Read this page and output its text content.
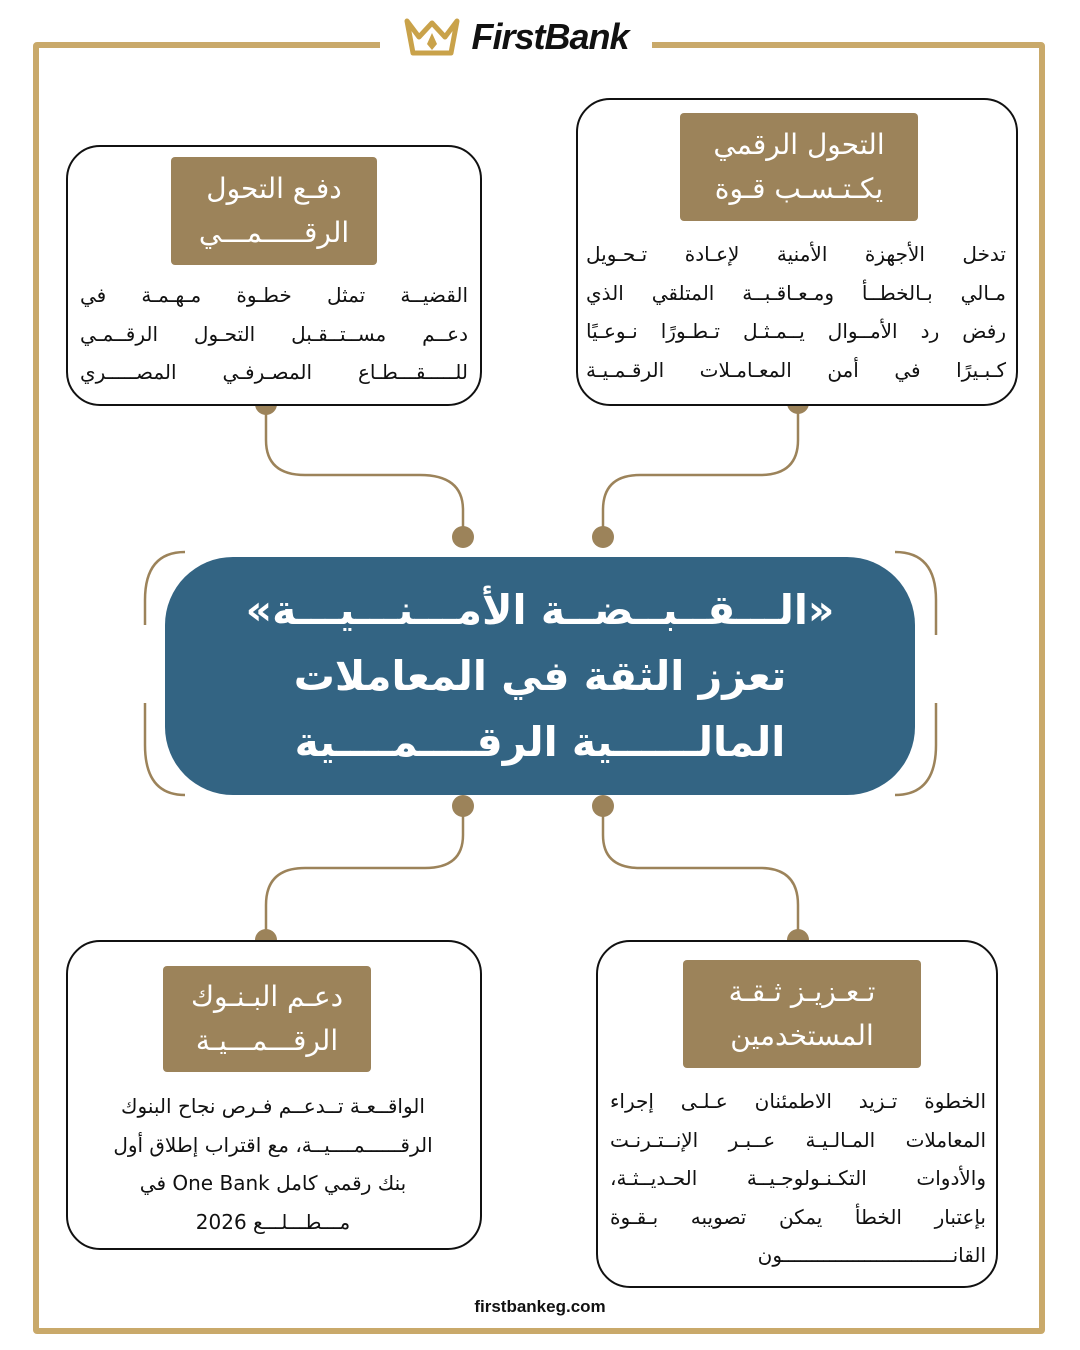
FirstBank
دفـع التحول
الرقـــــمـــي
القضيــة تمثل خطـوة مـهـمـة في
دعــم مســتــقـبل التحـول الرقــمـي
للـــــقـــطـاع المصـرفـي المصـــــري
التحول الرقمي
يكـتـسـب قـوة
تدخل الأجهزة الأمنية لإعـادة تـحـويل
مـالي بـالخطــأ ومـعـاقـبــة المتلقي الذي
رفض رد الأمــوال يــمـثـل تـطـورًا نـوعـيًا
كـبـيرًا في أمن المعـامـلات الرقـمـيـة
«الـــقــبــضــة الأمـــنـــيـــة»
تعزز الثقة في المعاملات
المالــــــية الرقــــمــــية
دعـم البـنـوك
الرقـــمـــيـة
الواقــعـة تــدعــم فـرص نجاح البنوك
الرقــــــمــــيــة، مع اقتراب إطلاق أول
بنك رقمي كامل One Bank في
مـــطـــلـــع 2026
تـعـزيـز ثـقـة
المستخدمين
الخطوة تـزيد الاطمئنان عـلـى إجراء
المعاملات المـالـيـة عــبـر الإنــتـرنـت
والأدوات التكـنـولوجـيــة الحـديــثـة،
بإعتبار الخطأ يمكن تصويبه بـقـوة
القانـــــــــــــــــــــــــــــون
firstbankeg.com
